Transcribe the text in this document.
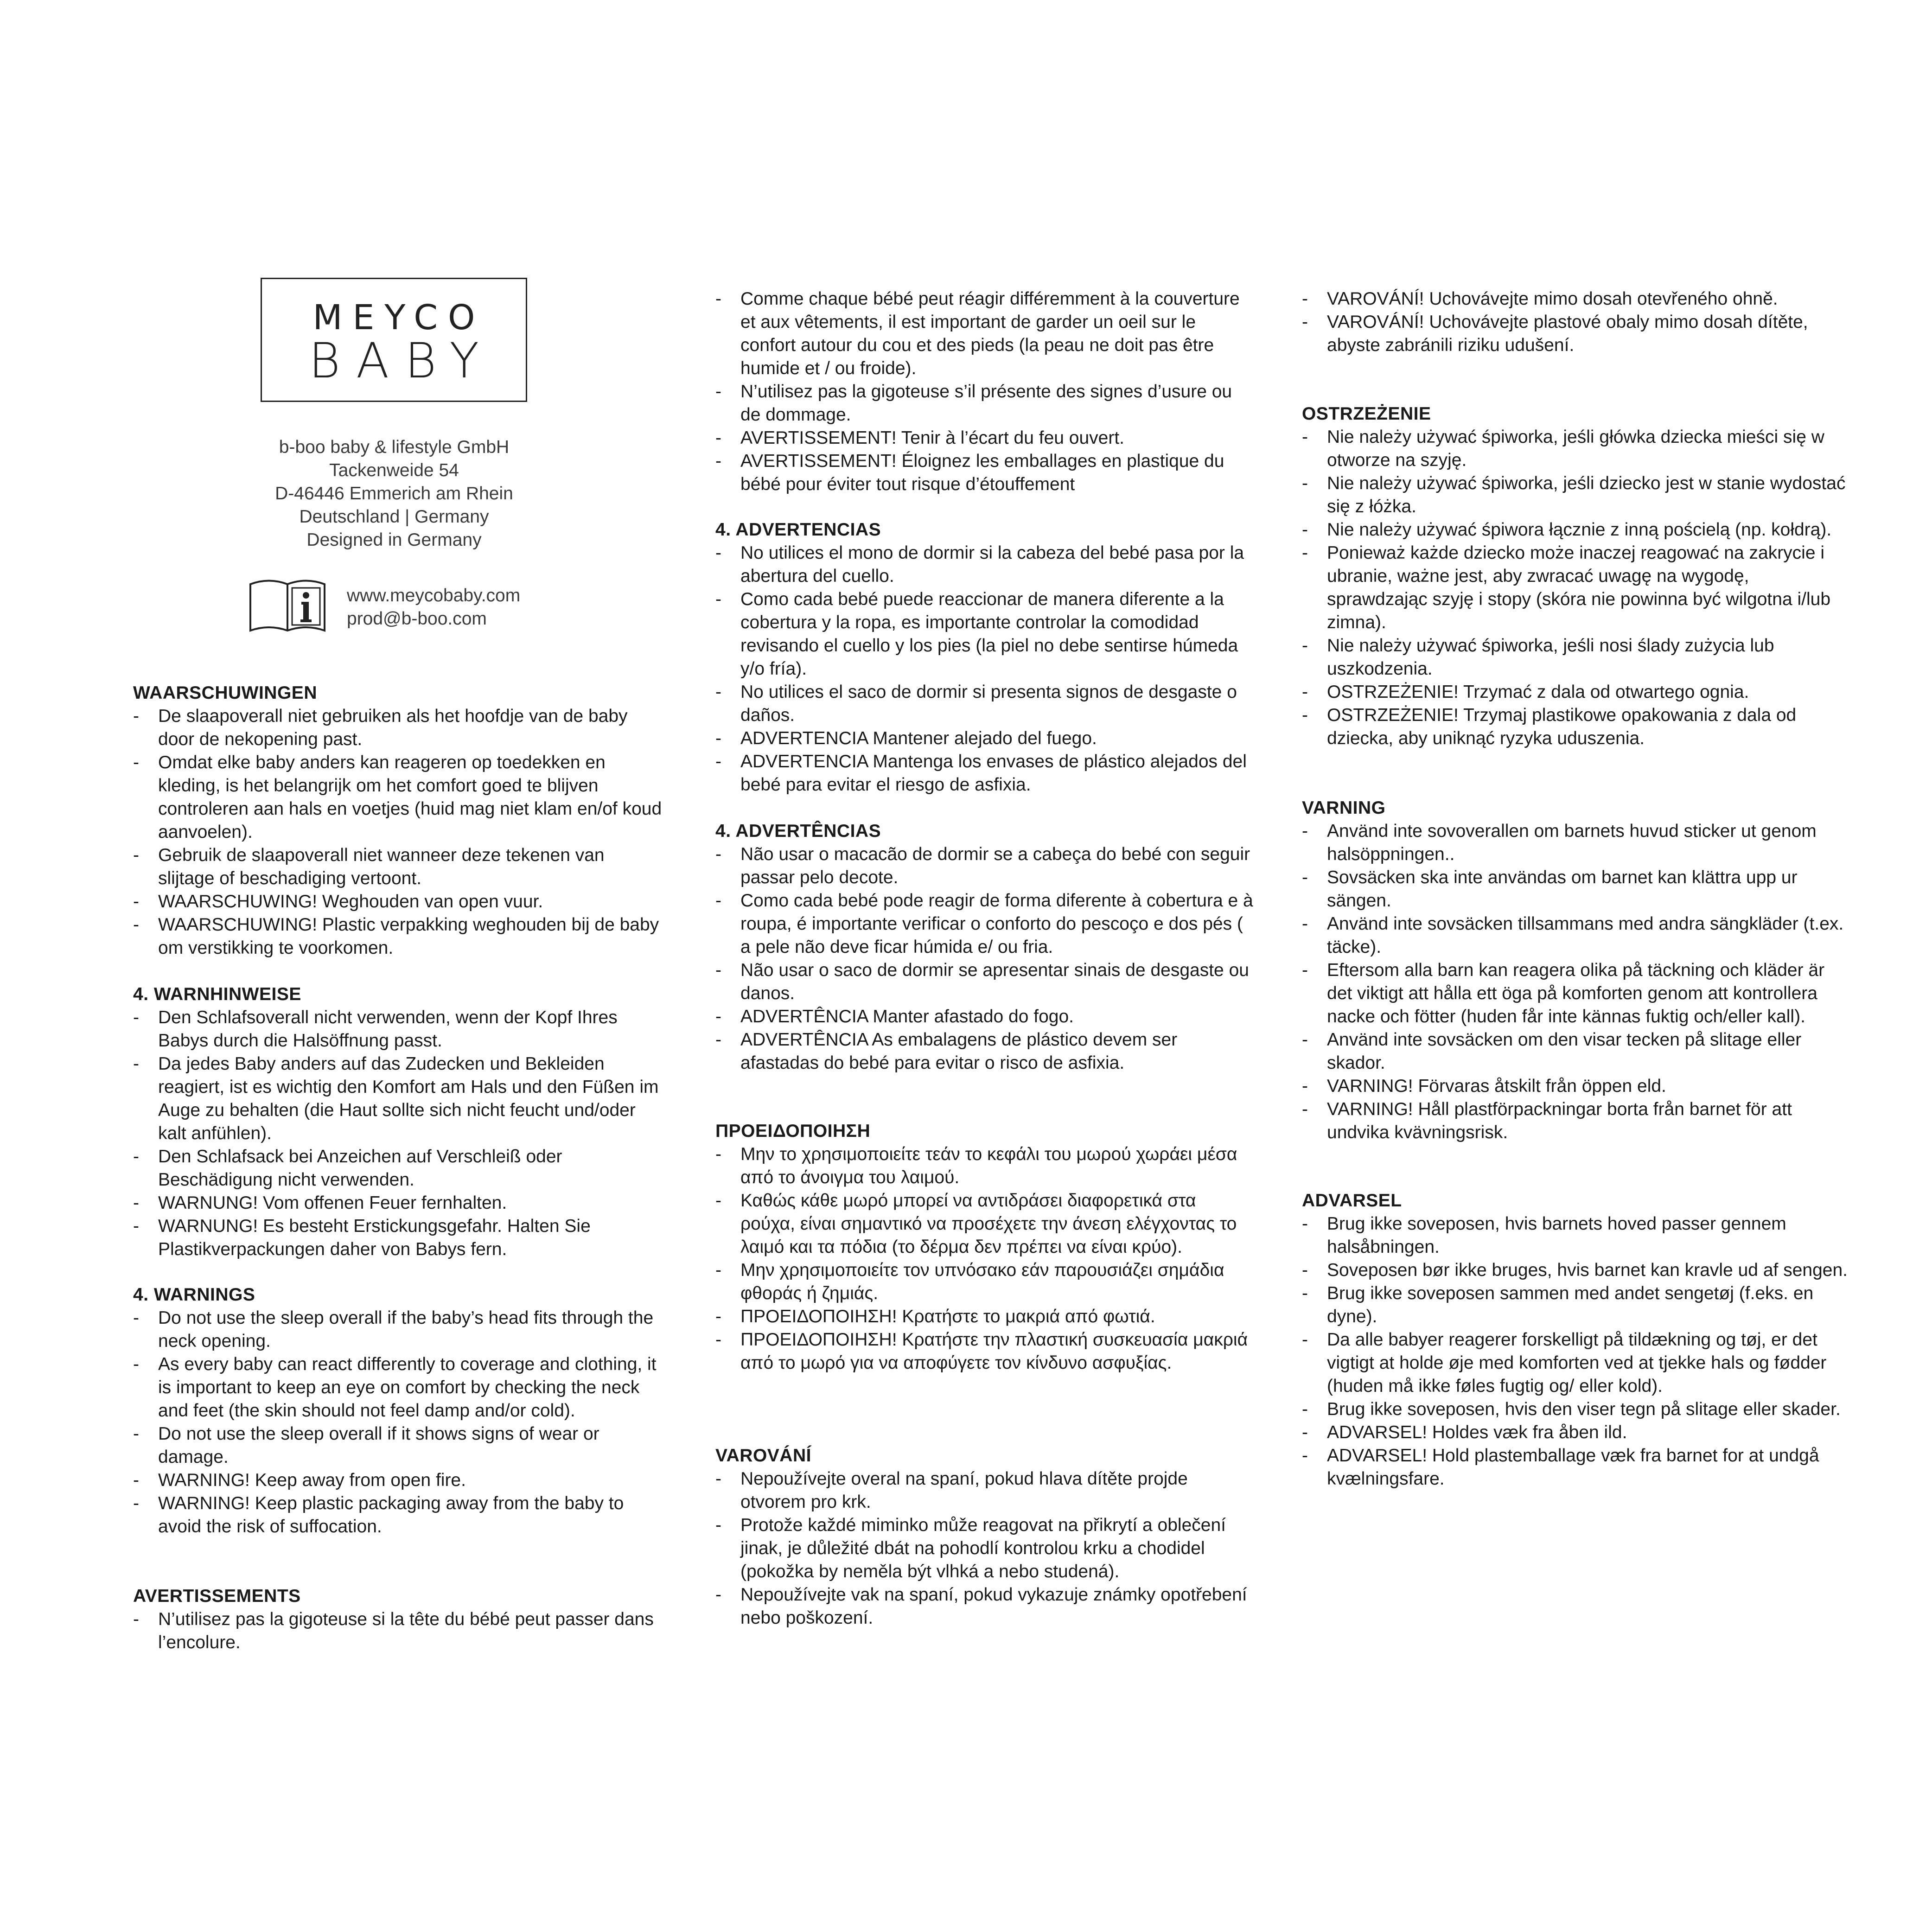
MEYCO
BABY
b-boo baby & lifestyle GmbH
Tackenweide 54
D-46446 Emmerich am Rhein
Deutschland | Germany
Designed in Germany
www.meycobaby.com
prod@b-boo.com
WAARSCHUWINGEN
- De slaapoverall niet gebruiken als het hoofdje van de baby door de nekopening past.
- Omdat elke baby anders kan reageren op toedekken en kleding, is het belangrijk om het comfort goed te blijven controleren aan hals en voetjes (huid mag niet klam en/of koud aanvoelen).
- Gebruik de slaapoverall niet wanneer deze tekenen van slijtage of beschadiging vertoont.
- WAARSCHUWING! Weghouden van open vuur.
- WAARSCHUWING! Plastic verpakking weghouden bij de baby om verstikking te voorkomen.
4. WARNHINWEISE
- Den Schlafsoverall nicht verwenden, wenn der Kopf Ihres Babys durch die Halsöffnung passt.
- Da jedes Baby anders auf das Zudecken und Bekleiden reagiert, ist es wichtig den Komfort am Hals und den Füßen im Auge zu behalten (die Haut sollte sich nicht feucht und/oder kalt anfühlen).
- Den Schlafsack bei Anzeichen auf Verschleiß oder Beschädigung nicht verwenden.
- WARNUNG! Vom offenen Feuer fernhalten.
- WARNUNG! Es besteht Erstickungsgefahr. Halten Sie Plastikverpackungen daher von Babys fern.
4. WARNINGS
- Do not use the sleep overall if the baby’s head fits through the neck opening.
- As every baby can react differently to coverage and clothing, it is important to keep an eye on comfort by checking the neck and feet (the skin should not feel damp and/or cold).
- Do not use the sleep overall if it shows signs of wear or damage.
- WARNING! Keep away from open fire.
- WARNING! Keep plastic packaging away from the baby to avoid the risk of suffocation.
AVERTISSEMENTS
- N’utilisez pas la gigoteuse si la tête du bébé peut passer dans l’encolure.
- Comme chaque bébé peut réagir différemment à la couverture et aux vêtements, il est important de garder un oeil sur le confort autour du cou et des pieds (la peau ne doit pas être humide et / ou froide).
- N’utilisez pas la gigoteuse s’il présente des signes d’usure ou de dommage.
- AVERTISSEMENT! Tenir à l’écart du feu ouvert.
- AVERTISSEMENT! Éloignez les emballages en plastique du bébé pour éviter tout risque d’étouffement
4. ADVERTENCIAS
- No utilices el mono de dormir si la cabeza del bebé pasa por la abertura del cuello.
- Como cada bebé puede reaccionar de manera diferente a la cobertura y la ropa, es importante controlar la comodidad revisando el cuello y los pies (la piel no debe sentirse húmeda y/o fría).
- No utilices el saco de dormir si presenta signos de desgaste o daños.
- ADVERTENCIA Mantener alejado del fuego.
- ADVERTENCIA Mantenga los envases de plástico alejados del bebé para evitar el riesgo de asfixia.
4. ADVERTÊNCIAS
- Não usar o macacão de dormir se a cabeça do bebé con seguir passar pelo decote.
- Como cada bebé pode reagir de forma diferente à cobertura e à roupa, é importante verificar o conforto do pescoço e dos pés ( a pele não deve ficar húmida e/ ou fria.
- Não usar o saco de dormir se apresentar sinais de desgaste ou danos.
- ADVERTÊNCIA Manter afastado do fogo.
- ADVERTÊNCIA As embalagens de plástico devem ser afastadas do bebé para evitar o risco de asfixia.
ΠΡΟΕΙΔΟΠΟΙΗΣΗ
- Μην το χρησιμοποιείτε τεάν το κεφάλι του μωρού χωράει μέσα από το άνοιγμα του λαιμού.
- Καθώς κάθε μωρό μπορεί να αντιδράσει διαφορετικά στα ρούχα, είναι σημαντικό να προσέχετε την άνεση ελέγχοντας το λαιμό και τα πόδια (το δέρμα δεν πρέπει να είναι κρύο).
- Μην χρησιμοποιείτε τον υπνόσακο εάν παρουσιάζει σημάδια φθοράς ή ζημιάς.
- ΠΡΟΕΙΔΟΠΟΙΗΣΗ! Κρατήστε το μακριά από φωτιά.
- ΠΡΟΕΙΔΟΠΟΙΗΣΗ! Κρατήστε την πλαστική συσκευασία μακριά από το μωρό για να αποφύγετε τον κίνδυνο ασφυξίας.
VAROVÁNÍ
- Nepoužívejte overal na spaní, pokud hlava dítěte projde otvorem pro krk.
- Protože každé miminko může reagovat na přikrytí a oblečení jinak, je důležité dbát na pohodlí kontrolou krku a chodidel (pokožka by neměla být vlhká a nebo studená).
- Nepoužívejte vak na spaní, pokud vykazuje známky opotřebení nebo poškození.
- VAROVÁNÍ! Uchovávejte mimo dosah otevřeného ohně.
- VAROVÁNÍ! Uchovávejte plastové obaly mimo dosah dítěte, abyste zabránili riziku udušení.
OSTRZEŻENIE
- Nie należy używać śpiworka, jeśli główka dziecka mieści się w otworze na szyję.
- Nie należy używać śpiworka, jeśli dziecko jest w stanie wydostać się z łóżka.
- Nie należy używać śpiwora łącznie z inną pościelą (np. kołdrą).
- Ponieważ każde dziecko może inaczej reagować na zakrycie i ubranie, ważne jest, aby zwracać uwagę na wygodę, sprawdzając szyję i stopy (skóra nie powinna być wilgotna i/lub zimna).
- Nie należy używać śpiworka, jeśli nosi ślady zużycia lub uszkodzenia.
- OSTRZEŻENIE! Trzymać z dala od otwartego ognia.
- OSTRZEŻENIE! Trzymaj plastikowe opakowania z dala od dziecka, aby uniknąć ryzyka uduszenia.
VARNING
- Använd inte sovoverallen om barnets huvud sticker ut genom halsöppningen..
- Sovsäcken ska inte användas om barnet kan klättra upp ur sängen.
- Använd inte sovsäcken tillsammans med andra sängkläder (t.ex. täcke).
- Eftersom alla barn kan reagera olika på täckning och kläder är det viktigt att hålla ett öga på komforten genom att kontrollera nacke och fötter (huden får inte kännas fuktig och/eller kall).
- Använd inte sovsäcken om den visar tecken på slitage eller skador.
- VARNING! Förvaras åtskilt från öppen eld.
- VARNING! Håll plastförpackningar borta från barnet för att undvika kvävningsrisk.
ADVARSEL
- Brug ikke soveposen, hvis barnets hoved passer gennem halsåbningen.
- Soveposen bør ikke bruges, hvis barnet kan kravle ud af sengen.
- Brug ikke soveposen sammen med andet sengetøj (f.eks. en dyne).
- Da alle babyer reagerer forskelligt på tildækning og tøj, er det vigtigt at holde øje med komforten ved at tjekke hals og fødder (huden må ikke føles fugtig og/ eller kold).
- Brug ikke soveposen, hvis den viser tegn på slitage eller skader.
- ADVARSEL! Holdes væk fra åben ild.
- ADVARSEL! Hold plastemballage væk fra barnet for at undgå kvælningsfare.
